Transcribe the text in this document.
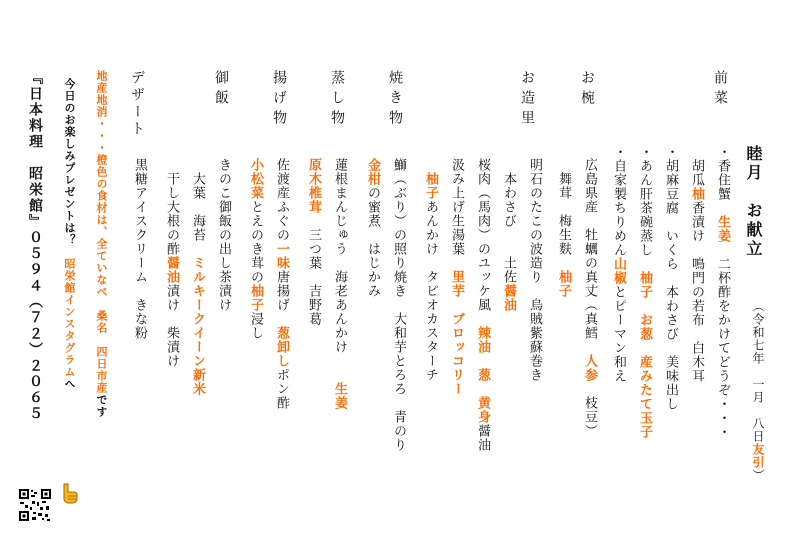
睦月　お献立
（令和七年　一月　八日友引）
前菜
お椀
お造里
焼き物
蒸し物
揚げ物
御飯
デザート
・香住蟹　生姜　二杯酢をかけてどうぞ・・・
　胡瓜柚香漬け　鳴門の若布　白木耳
・胡麻豆腐　いくら　本わさび　美味出し
・あん肝茶碗蒸し　柚子　お葱　産みたて玉子
・自家製ちりめん山椒とピーマン和え
広島県産　牡蠣の真丈（真鱈　人参　枝豆）
　舞茸　梅生麩　柚子
明石のたこの波造り　烏賊紫蘇巻き
　本わさび　　土佐醤油
桜肉（馬肉）のユッケ風　辣油　葱　黄身醤油
汲み上げ生湯葉　里芋　ブロッコリー
　柚子あんかけ　タピオカスターチ
鰤（ぶり）の照り焼き　大和芋とろろ　青のり
金柑の蜜煮　はじかみ
蓮根まんじゅう　海老あんかけ　　生姜
原木椎茸　三つ葉　吉野葛
佐渡産ふぐの一味唐揚げ　葱卸しポン酢
小松菜とえのき茸の柚子浸し
きのこ御飯の出し茶漬け
　大葉　海苔　ミルキークイーン新米
　干し大根の酢醤油漬け　柴漬け
黒糖アイスクリーム　きな粉
地産地消・・・橙色の食材は、全ていなべ　桑名　四日市産です
今日のお楽しみプレゼントは？　昭栄館インスタグラムへ
『日本料理　昭栄館』０５９４（７２）２０６５
